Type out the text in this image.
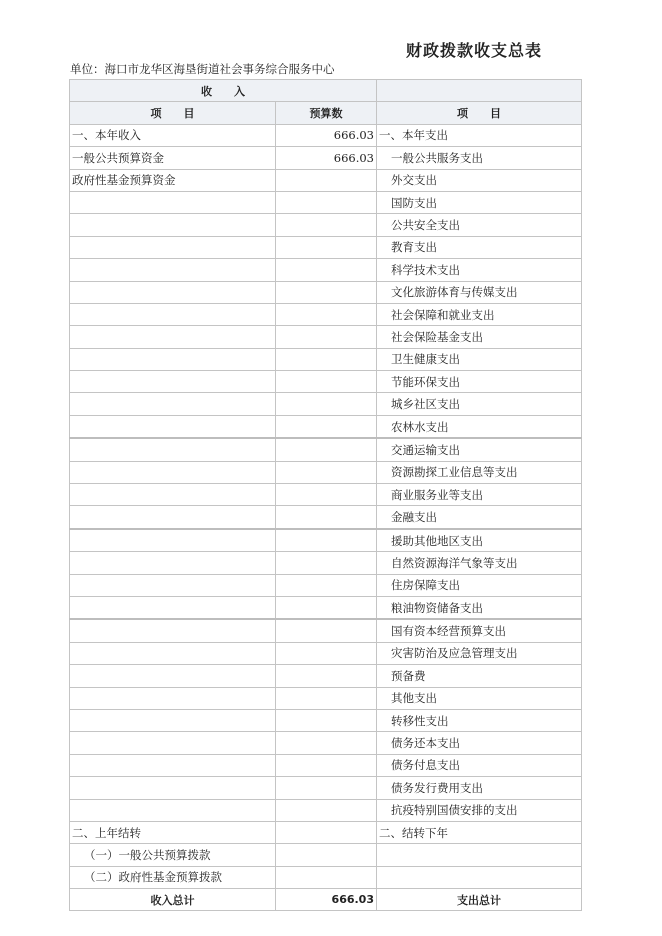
财政拨款收支总表
单位：海口市龙华区海垦街道社会事务综合服务中心
收　　入		
项　　目	预算数	项　　目
一、本年收入	666.03	一、本年支出
一般公共预算资金	666.03	一般公共服务支出
政府性基金预算资金		外交支出
		国防支出
		公共安全支出
		教育支出
		科学技术支出
		文化旅游体育与传媒支出
		社会保障和就业支出
		社会保险基金支出
		卫生健康支出
		节能环保支出
		城乡社区支出
		农林水支出
		交通运输支出
		资源勘探工业信息等支出
		商业服务业等支出
		金融支出
		援助其他地区支出
		自然资源海洋气象等支出
		住房保障支出
		粮油物资储备支出
		国有资本经营预算支出
		灾害防治及应急管理支出
		预备费
		其他支出
		转移性支出
		债务还本支出
		债务付息支出
		债务发行费用支出
		抗疫特别国债安排的支出
二、上年结转		二、结转下年
（一）一般公共预算拨款		
（二）政府性基金预算拨款		
收入总计	666.03	支出总计
